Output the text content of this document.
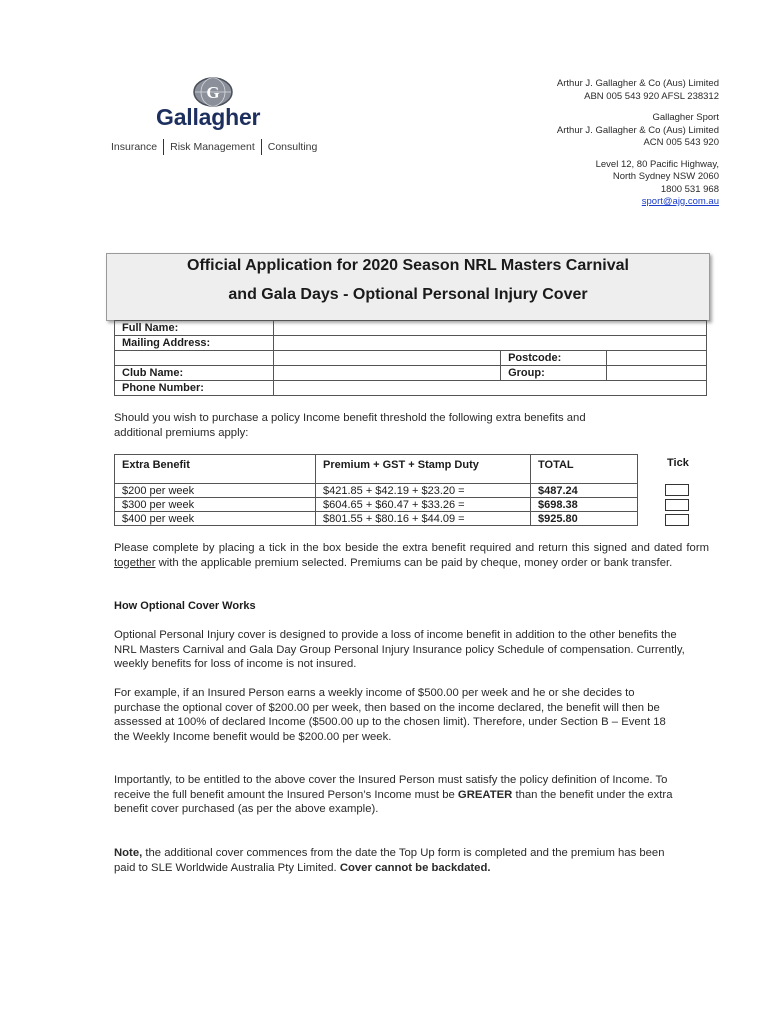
G
Gallagher
Insurance Risk Management Consulting
Arthur J. Gallagher & Co (Aus) Limited
ABN 005 543 920 AFSL 238312
Gallagher Sport
Arthur J. Gallagher & Co (Aus) Limited
ACN 005 543 920
Level 12, 80 Pacific Highway,
North Sydney NSW 2060
1800 531 968
sport@ajg.com.au
Official Application for 2020 Season NRL Masters Carnival
and Gala Days - Optional Personal Injury Cover
Full Name:			
Mailing Address:			
		Postcode:	
Club Name:		Group:	
Phone Number:			
Should you wish to purchase a policy Income benefit threshold the following extra benefits and additional premiums apply:
Extra Benefit	Premium + GST + Stamp Duty	TOTAL
$200 per week	$421.85 + $42.19 + $23.20 =	$487.24
$300 per week	$604.65 + $60.47 + $33.26 =	$698.38
$400 per week	$801.55 + $80.16 + $44.09 =	$925.80
Tick
Please complete by placing a tick in the box beside the extra benefit required and return this signed and dated form together with the applicable premium selected. Premiums can be paid by cheque, money order or bank transfer.
How Optional Cover Works
Optional Personal Injury cover is designed to provide a loss of income benefit in addition to the other benefits the NRL Masters Carnival and Gala Day Group Personal Injury Insurance policy Schedule of compensation. Currently, weekly benefits for loss of income is not insured.
For example, if an Insured Person earns a weekly income of $500.00 per week and he or she decides to purchase the optional cover of $200.00 per week, then based on the income declared, the benefit will then be assessed at 100% of declared Income ($500.00 up to the chosen limit). Therefore, under Section B – Event 18 the Weekly Income benefit would be $200.00 per week.
Importantly, to be entitled to the above cover the Insured Person must satisfy the policy definition of Income. To receive the full benefit amount the Insured Person’s Income must be GREATER than the benefit under the extra benefit cover purchased (as per the above example).
Note, the additional cover commences from the date the Top Up form is completed and the premium has been paid to SLE Worldwide Australia Pty Limited. Cover cannot be backdated.
